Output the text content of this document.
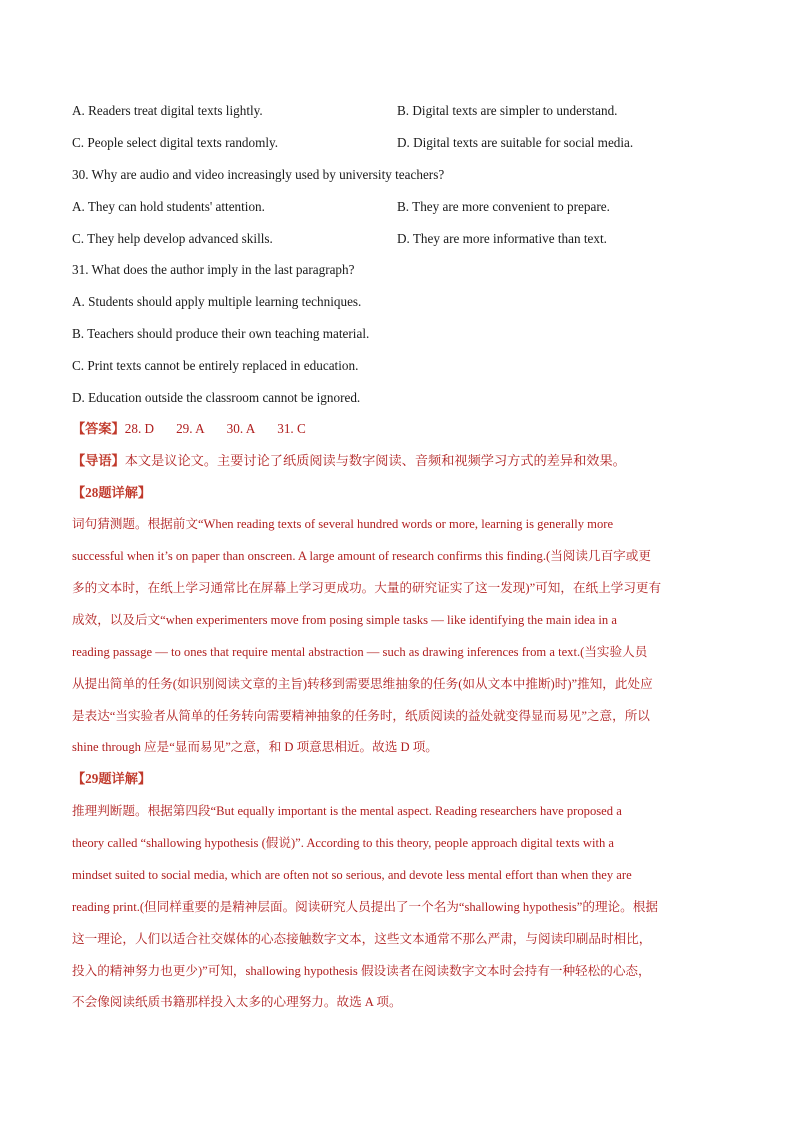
A. Readers treat digital texts lightly.	B. Digital texts are simpler to understand.
C. People select digital texts randomly.	D. Digital texts are suitable for social media.
30. Why are audio and video increasingly used by university teachers?
A. They can hold students' attention.	B. They are more convenient to prepare.
C. They help develop advanced skills.	D. They are more informative than text.
31. What does the author imply in the last paragraph?
A. Students should apply multiple learning techniques.
B. Teachers should produce their own teaching material.
C. Print texts cannot be entirely replaced in education.
D. Education outside the classroom cannot be ignored.
【答案】28. D 29. A 30. A 31. C
【导语】本文是议论文。主要讨论了纸质阅读与数字阅读、音频和视频学习方式的差异和效果。
【28题详解】
词句猜测题。根据前文“When reading texts of several hundred words or more, learning is generally more
successful when it’s on paper than onscreen. A large amount of research confirms this finding.(当阅读几百字或更
多的文本时，在纸上学习通常比在屏幕上学习更成功。大量的研究证实了这一发现)”可知，在纸上学习更有
成效，以及后文“when experimenters move from posing simple tasks — like identifying the main idea in a
reading passage — to ones that require mental abstraction — such as drawing inferences from a text.(当实验人员
从提出简单的任务(如识别阅读文章的主旨)转移到需要思维抽象的任务(如从文本中推断)时)”推知，此处应
是表达“当实验者从简单的任务转向需要精神抽象的任务时，纸质阅读的益处就变得显而易见”之意，所以
shine through 应是“显而易见”之意，和 D 项意思相近。故选 D 项。
【29题详解】
推理判断题。根据第四段“But equally important is the mental aspect. Reading researchers have proposed a
theory called “shallowing hypothesis (假说)”. According to this theory, people approach digital texts with a
mindset suited to social media, which are often not so serious, and devote less mental effort than when they are
reading print.(但同样重要的是精神层面。阅读研究人员提出了一个名为“shallowing hypothesis”的理论。根据
这一理论，人们以适合社交媒体的心态接触数字文本，这些文本通常不那么严肃，与阅读印刷品时相比，
投入的精神努力也更少)”可知，shallowing hypothesis 假设读者在阅读数字文本时会持有一种轻松的心态，
不会像阅读纸质书籍那样投入太多的心理努力。故选 A 项。
